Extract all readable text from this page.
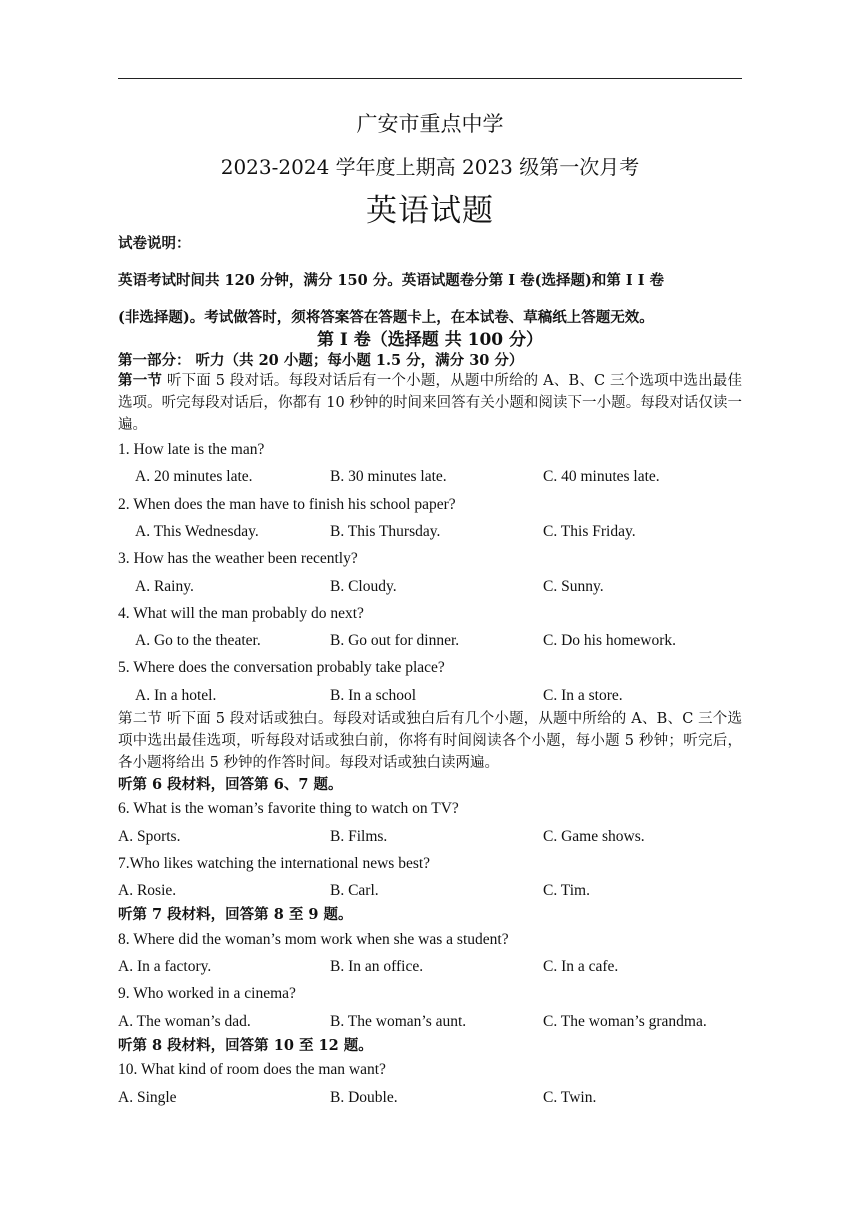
广安市重点中学
2023-2024 学年度上期高 2023 级第一次月考
英语试题
试卷说明：
英语考试时间共 120 分钟，满分 150 分。英语试题卷分第 I 卷(选择题)和第 I I 卷
(非选择题)。考试做答时，须将答案答在答题卡上，在本试卷、草稿纸上答题无效。
第 I 卷（选择题 共 100 分）
第一部分： 听力（共 20 小题；每小题 1.5 分，满分 30 分）
第一节 听下面 5 段对话。每段对话后有一个小题，从题中所给的 A、B、C 三个选项中选出最佳选项。听完每段对话后，你都有 10 秒钟的时间来回答有关小题和阅读下一小题。每段对话仅读一遍。
1. How late is the man?
A. 20 minutes late.	B. 30 minutes late.	C. 40 minutes late.
2. When does the man have to finish his school paper?
A. This Wednesday.	B. This Thursday.	C. This Friday.
3. How has the weather been recently?
A. Rainy.	B. Cloudy.	C. Sunny.
4. What will the man probably do next?
A. Go to the theater.	B. Go out for dinner.	C. Do his homework.
5. Where does the conversation probably take place?
A. In a hotel.	B. In a school	C. In a store.
第二节 听下面 5 段对话或独白。每段对话或独白后有几个小题，从题中所给的 A、B、C 三个选项中选出最佳选项，听每段对话或独白前，你将有时间阅读各个小题，每小题 5 秒钟；听完后，各小题将给出 5 秒钟的作答时间。每段对话或独白读两遍。
听第 6 段材料，回答第 6、7 题。
6. What is the woman’s favorite thing to watch on TV?
A. Sports.	B. Films.	C. Game shows.
7.Who likes watching the international news best?
A. Rosie.	B. Carl.	C. Tim.
听第 7 段材料，回答第 8 至 9 题。
8. Where did the woman’s mom work when she was a student?
A. In a factory.	B. In an office.	C. In a cafe.
9. Who worked in a cinema?
A. The woman’s dad.	B. The woman’s aunt.	C. The woman’s grandma.
听第 8 段材料，回答第 10 至 12 题。
10. What kind of room does the man want?
A. Single	B. Double.	C. Twin.
